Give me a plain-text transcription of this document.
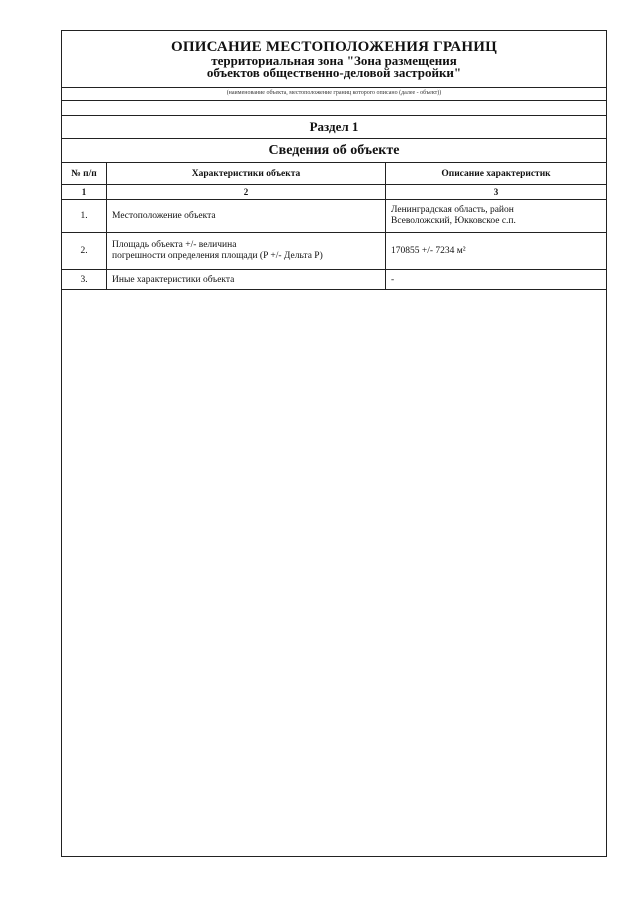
ОПИСАНИЕ МЕСТОПОЛОЖЕНИЯ ГРАНИЦ
территориальная зона "Зона размещения
объектов общественно-деловой застройки"
(наименование объекта, местоположение границ которого описано (далее - объект))
Раздел 1
Сведения об объекте
№ п/п	Характеристики объекта	Описание характеристик
1	2	3
1.	Местоположение объекта	Ленинградская область, район
Всеволожский, Юкковское с.п.
2.	Площадь объекта +/- величина
погрешности определения площади (P +/- Дельта P)	170855 +/- 7234 м²
3.	Иные характеристики объекта	-
